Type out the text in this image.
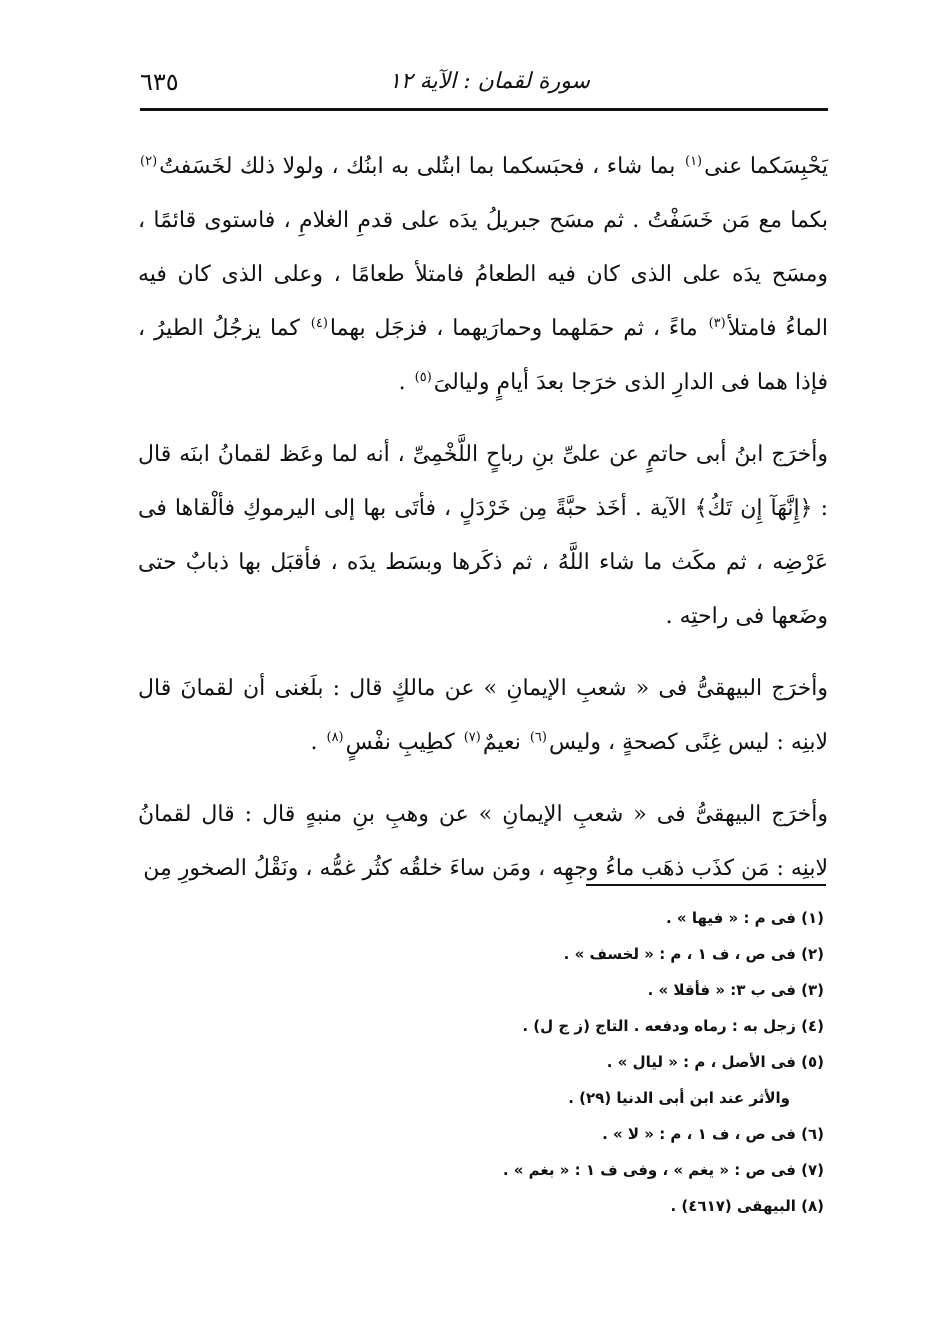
٦٣٥	سورة لقمان : الآية ١٢

يَحْبِسَكما عنى$^{(١)}$ بما شاء ، فحبَسكما بما ابتُلى به ابنُك ، ولولا ذلك لخَسَفتُ$^{(٢)}$ بكما مع مَن خَسَفْتُ . ثم مسَح جبريلُ يدَه على قدمِ الغلامِ ، فاستوى قائمًا ، ومسَح يدَه على الذى كان فيه الطعامُ فامتلأ طعامًا ، وعلى الذى كان فيه الماءُ فامتلأ$^{(٣)}$ ماءً ، ثم حمَلهما وحمارَيهما ، فزجَل بهما$^{(٤)}$ كما يزجُلُ الطيرُ ، فإذا هما فى الدارِ الذى خرَجا بعدَ أيامٍ وليالىَ$^{(٥)}$ .

وأخرَج ابنُ أبى حاتمٍ عن علىِّ بنِ رباحٍ اللَّخْمِىِّ ، أنه لما وعَظ لقمانُ ابنَه قال : ﴿إِنَّهَآ إِن تَكُ﴾ الآية . أخَذ حبَّةً مِن خَرْدَلٍ ، فأتَى بها إلى اليرموكِ فألْقاها فى عَرْضِه ، ثم مكَث ما شاء اللَّهُ ، ثم ذكَرها وبسَط يدَه ، فأقبَل بها ذبابٌ حتى وضَعها فى راحتِه .

وأخرَج البيهقىُّ فى « شعبِ الإيمانِ » عن مالكٍ قال : بلَغنى أن لقمانَ قال لابنِه : ليس غِنًى كصحةٍ ، وليس$^{(٦)}$ نعيمٌ$^{(٧)}$ كطِيبِ نفْسٍ$^{(٨)}$ .

وأخرَج البيهقىُّ فى « شعبِ الإيمانِ » عن وهبِ بنِ منبهٍ قال : قال لقمانُ لابنِه : مَن كذَب ذهَب ماءُ وجهِه ، ومَن ساءَ خلقُه كثُر غمُّه ، ونَقْلُ الصخورِ مِن

(١) فى م : « فيها » .
(٢) فى ص ، ف ١ ، م : « لخسف » .
(٣) فى ب ٣: « فأقلا » .
(٤) زجل به : رماه ودفعه . التاج (ز ج ل) .
(٥) فى الأصل ، م : « ليال » .
والأثر عند ابن أبى الدنيا (٢٩) .
(٦) فى ص ، ف ١ ، م : « لا » .
(٧) فى ص : « يغم » ، وفى ف ١ : « بغم » .
(٨) البيهقى (٤٦١٧) .
